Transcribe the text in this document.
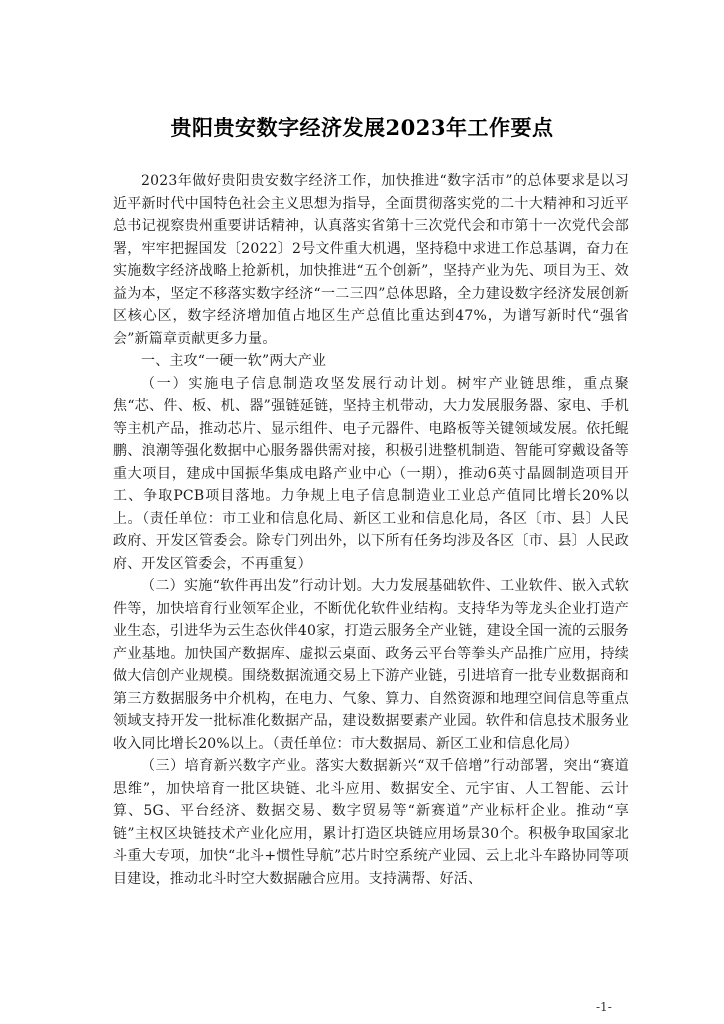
贵阳贵安数字经济发展2023年工作要点

2023年做好贵阳贵安数字经济工作，加快推进“数字活市”的总体要求是以习近平新时代中国特色社会主义思想为指导，全面贯彻落实党的二十大精神和习近平总书记视察贵州重要讲话精神，认真落实省第十三次党代会和市第十一次党代会部署，牢牢把握国发〔2022〕2号文件重大机遇，坚持稳中求进工作总基调，奋力在实施数字经济战略上抢新机，加快推进“五个创新”，坚持产业为先、项目为王、效益为本，坚定不移落实数字经济“一二三四”总体思路，全力建设数字经济发展创新区核心区，数字经济增加值占地区生产总值比重达到47%，为谱写新时代“强省会”新篇章贡献更多力量。

一、主攻“一硬一软”两大产业

（一）实施电子信息制造攻坚发展行动计划。树牢产业链思维，重点聚焦“芯、件、板、机、器”强链延链，坚持主机带动，大力发展服务器、家电、手机等主机产品，推动芯片、显示组件、电子元器件、电路板等关键领域发展。依托鲲鹏、浪潮等强化数据中心服务器供需对接，积极引进整机制造、智能可穿戴设备等重大项目，建成中国振华集成电路产业中心（一期），推动6英寸晶圆制造项目开工、争取PCB项目落地。力争规上电子信息制造业工业总产值同比增长20%以上。（责任单位：市工业和信息化局、新区工业和信息化局，各区〔市、县〕人民政府、开发区管委会。除专门列出外，以下所有任务均涉及各区〔市、县〕人民政府、开发区管委会，不再重复）

（二）实施“软件再出发”行动计划。大力发展基础软件、工业软件、嵌入式软件等，加快培育行业领军企业，不断优化软件业结构。支持华为等龙头企业打造产业生态，引进华为云生态伙伴40家，打造云服务全产业链，建设全国一流的云服务产业基地。加快国产数据库、虚拟云桌面、政务云平台等拳头产品推广应用，持续做大信创产业规模。围绕数据流通交易上下游产业链，引进培育一批专业数据商和第三方数据服务中介机构，在电力、气象、算力、自然资源和地理空间信息等重点领域支持开发一批标准化数据产品，建设数据要素产业园。软件和信息技术服务业收入同比增长20%以上。（责任单位：市大数据局、新区工业和信息化局）

（三）培育新兴数字产业。落实大数据新兴“双千倍增”行动部署，突出“赛道思维”，加快培育一批区块链、北斗应用、数据安全、元宇宙、人工智能、云计算、5G、平台经济、数据交易、数字贸易等“新赛道”产业标杆企业。推动“享链”主权区块链技术产业化应用，累计打造区块链应用场景30个。积极争取国家北斗重大专项，加快“北斗+惯性导航”芯片时空系统产业园、云上北斗车路协同等项目建设，推动北斗时空大数据融合应用。支持满帮、好活、

-1-
